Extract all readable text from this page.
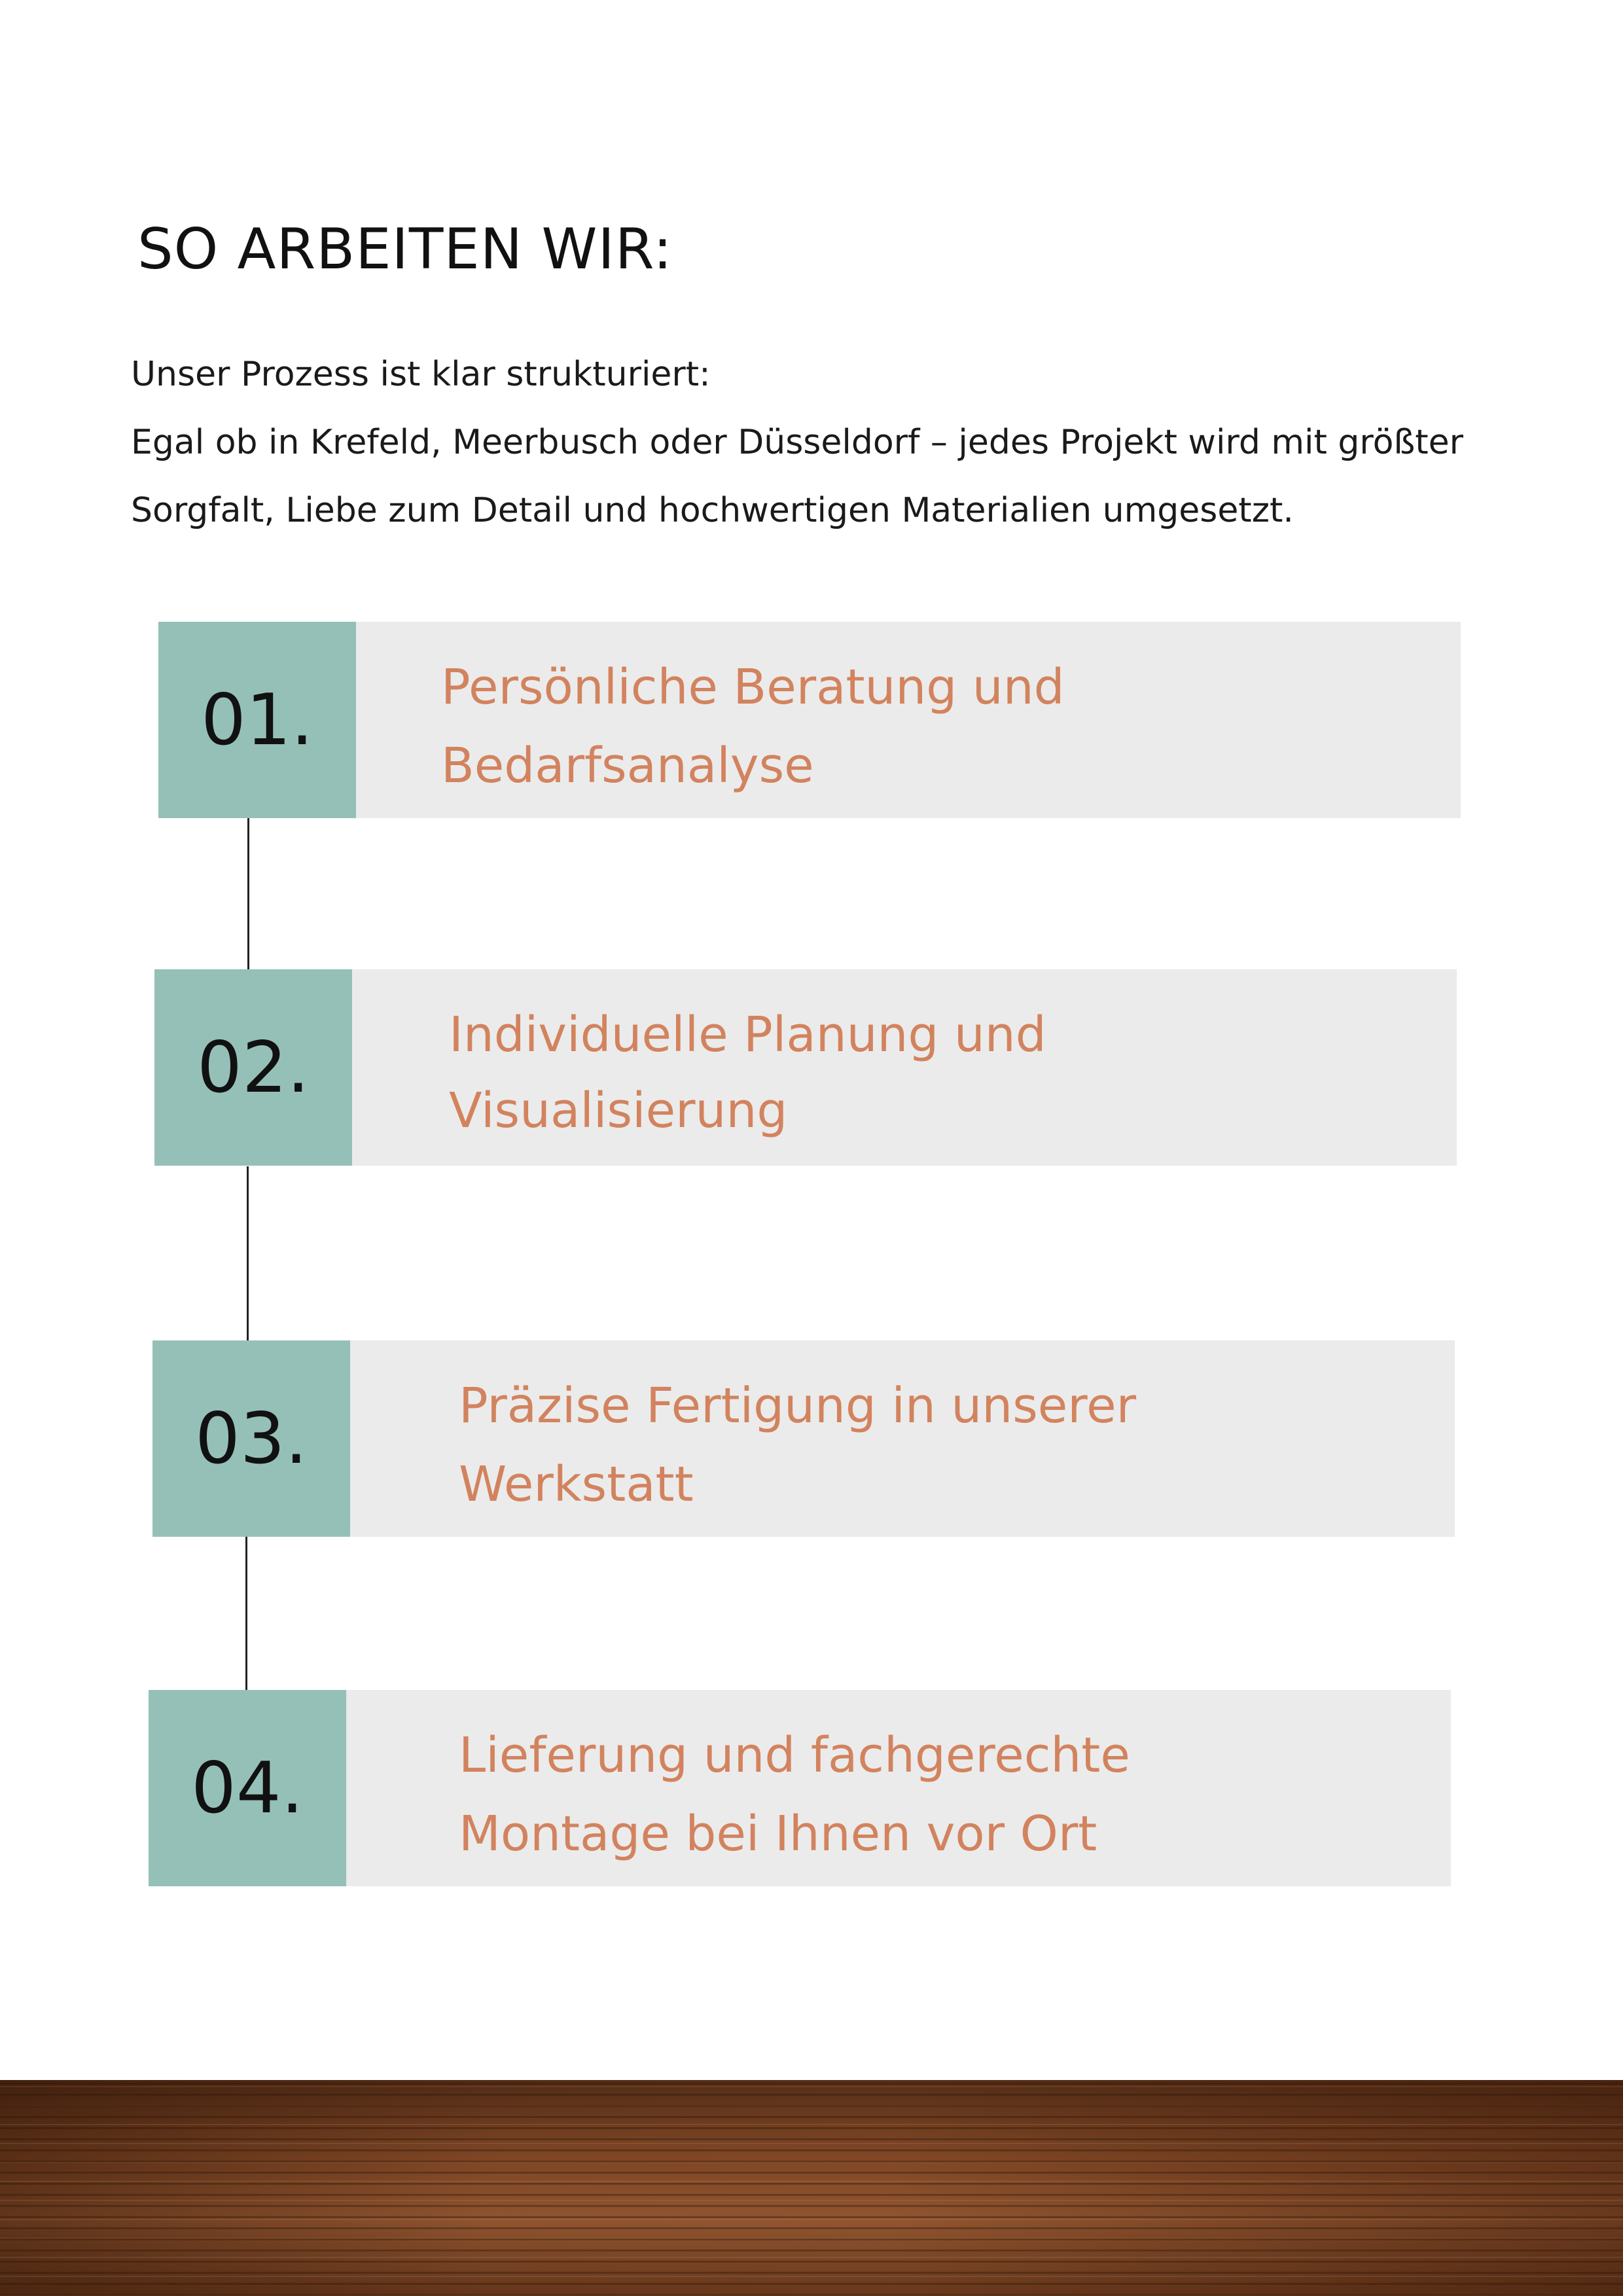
SO ARBEITEN WIR:
Unser Prozess ist klar strukturiert:
Egal ob in Krefeld, Meerbusch oder Düsseldorf – jedes Projekt wird mit größter
Sorgfalt, Liebe zum Detail und hochwertigen Materialien umgesetzt.
01.	Persönliche Beratung und
Bedarfsanalyse
02.	Individuelle Planung und
Visualisierung
03.	Präzise Fertigung in unserer
Werkstatt
04.	Lieferung und fachgerechte
Montage bei Ihnen vor Ort
